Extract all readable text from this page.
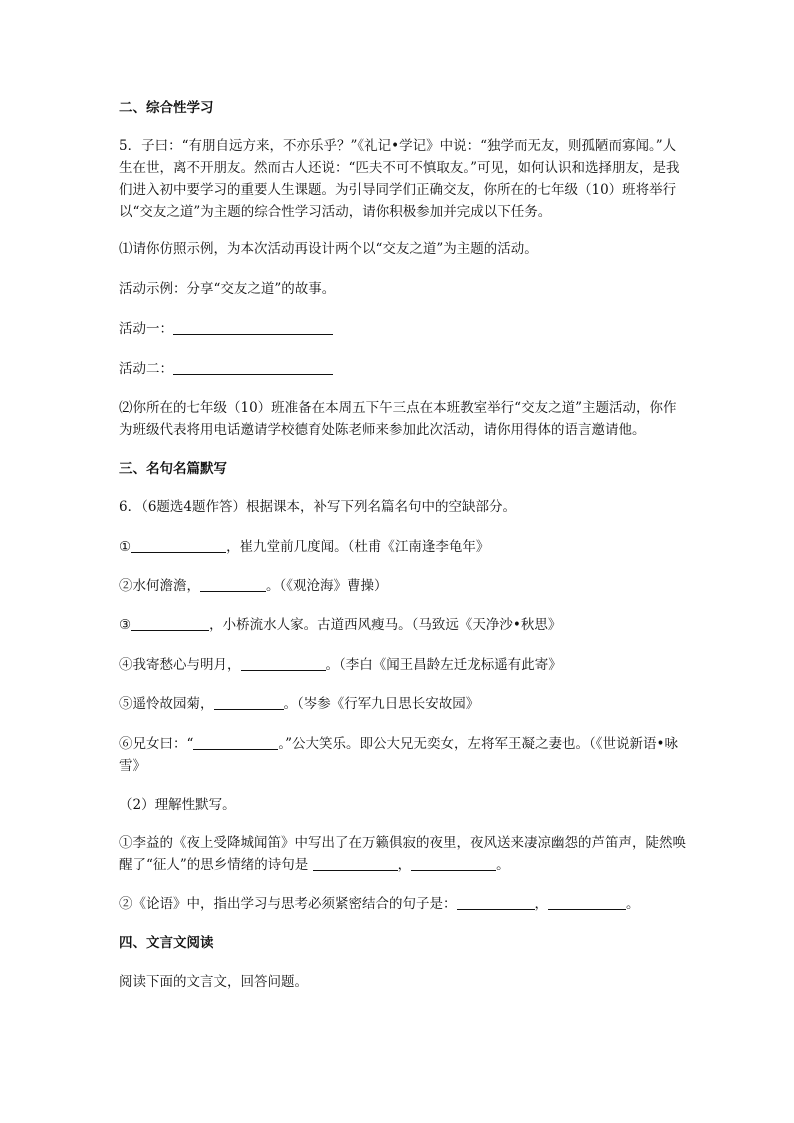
二、综合性学习
5．子曰：“有朋自远方来，不亦乐乎？”《礼记•学记》中说：“独学而无友，则孤陋而寡闻。”人生在世，离不开朋友。然而古人还说：“匹夫不可不慎取友。”可见，如何认识和选择朋友，是我们进入初中要学习的重要人生课题。为引导同学们正确交友，你所在的七年级（10）班将举行以“交友之道”为主题的综合性学习活动，请你积极参加并完成以下任务。
⑴请你仿照示例，为本次活动再设计两个以“交友之道”为主题的活动。
活动示例：分享“交友之道”的故事。
活动一：
活动二：
⑵你所在的七年级（10）班准备在本周五下午三点在本班教室举行“交友之道”主题活动，你作为班级代表将用电话邀请学校德育处陈老师来参加此次活动，请你用得体的语言邀请他。
三、名句名篇默写
6．（6题选4题作答）根据课本，补写下列名篇名句中的空缺部分。
①	，崔九堂前几度闻。（杜甫《江南逢李龟年》
②水何澹澹，	。（《观沧海》曹操）
③	，小桥流水人家。古道西风瘦马。（马致远《天净沙•秋思》
④我寄愁心与明月，	。（李白《闻王昌龄左迁龙标遥有此寄》
⑤遥怜故园菊，	。（岑参《行军九日思长安故园》
⑥兄女曰：“	。”公大笑乐。即公大兄无奕女，左将军王凝之妻也。（《世说新语•咏雪》
（2）理解性默写。
①李益的《夜上受降城闻笛》中写出了在万籁俱寂的夜里，夜风送来凄凉幽怨的芦笛声，陡然唤醒了“征人”的思乡情绪的诗句是	，	。
②《论语》中，指出学习与思考必须紧密结合的句子是：	，	。
四、文言文阅读
阅读下面的文言文，回答问题。
